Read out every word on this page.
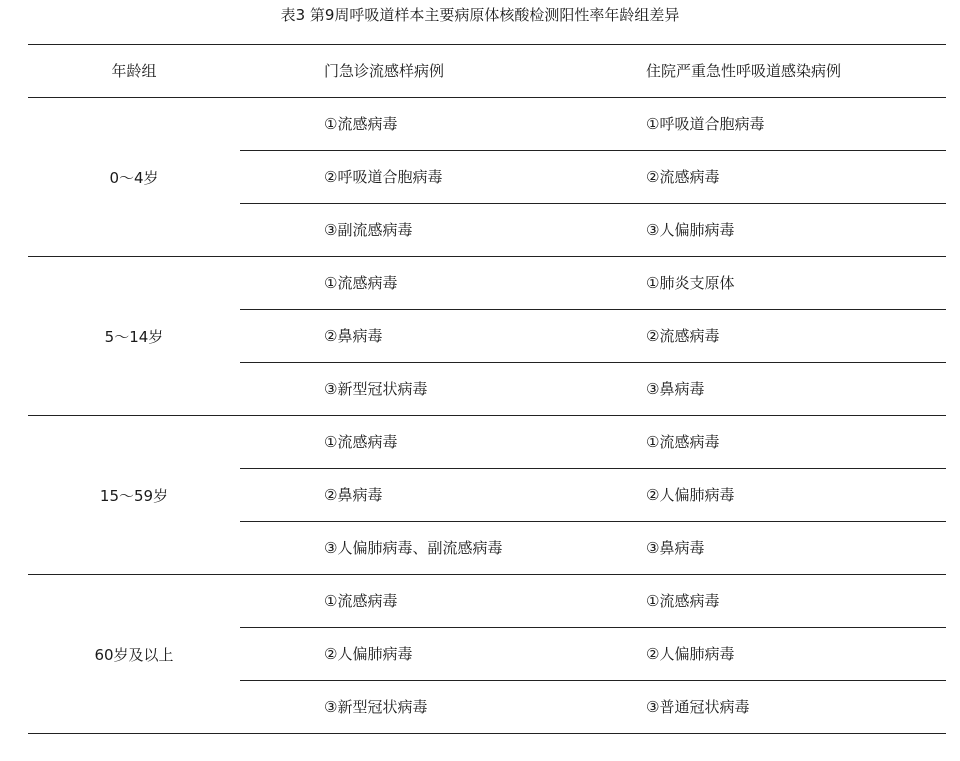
表3 第9周呼吸道样本主要病原体核酸检测阳性率年龄组差异
年龄组	门急诊流感样病例	住院严重急性呼吸道感染病例
0～4岁
①流感病毒	①呼吸道合胞病毒
②呼吸道合胞病毒	②流感病毒
③副流感病毒	③人偏肺病毒
5～14岁
①流感病毒	①肺炎支原体
②鼻病毒	②流感病毒
③新型冠状病毒	③鼻病毒
15～59岁
①流感病毒	①流感病毒
②鼻病毒	②人偏肺病毒
③人偏肺病毒、副流感病毒	③鼻病毒
60岁及以上
①流感病毒	①流感病毒
②人偏肺病毒	②人偏肺病毒
③新型冠状病毒	③普通冠状病毒
